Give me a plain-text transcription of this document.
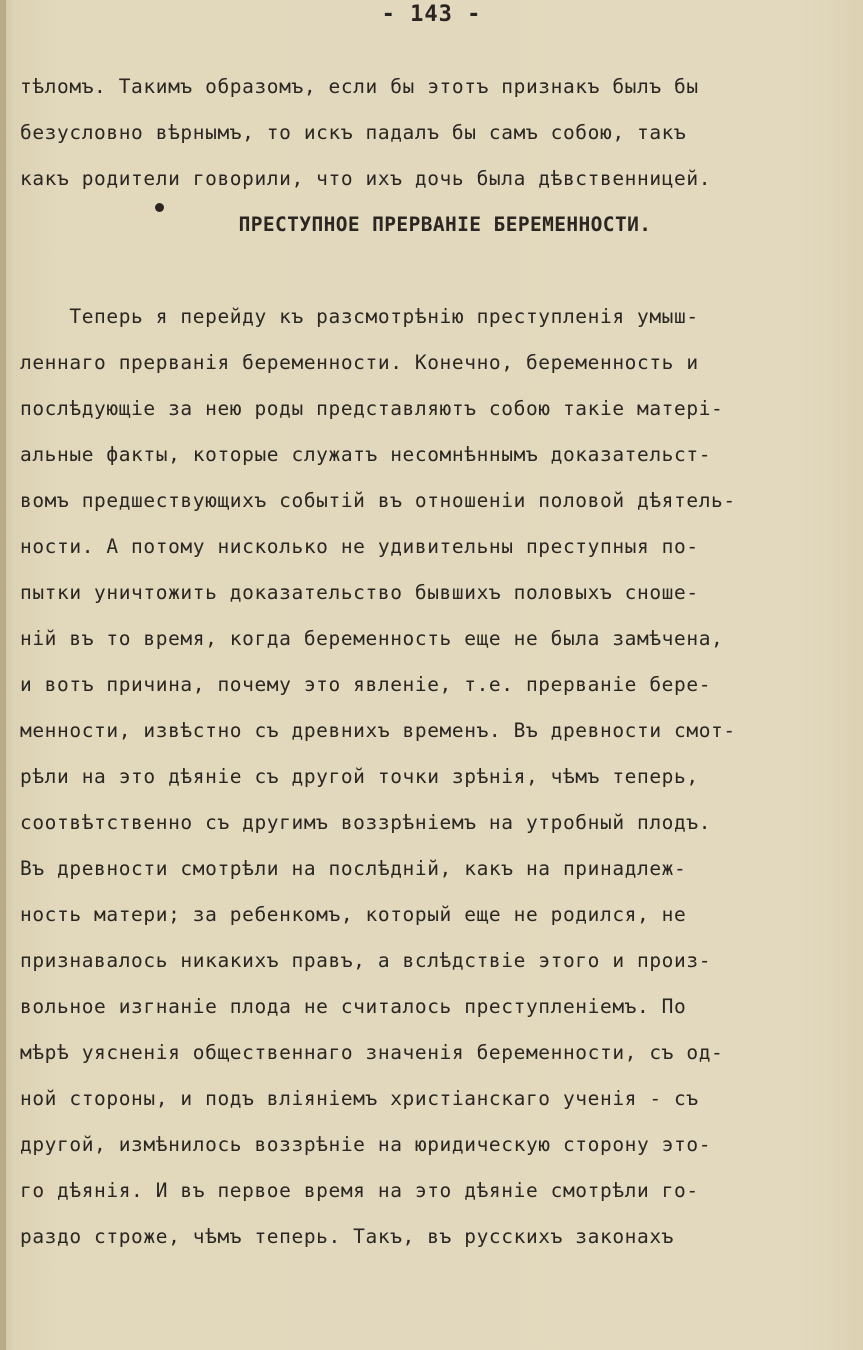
- 143 -
тѣломъ. Такимъ образомъ, если бы этотъ признакъ былъ бы
безусловно вѣрнымъ, то искъ падалъ бы самъ собою, такъ
какъ родители говорили, что ихъ дочь была дѣвственницей.
ПРЕСТУПНОЕ ПРЕРВАНІЕ БЕРЕМЕННОСТИ.
Теперь я перейду къ разсмотрѣнію преступленія умыш-
леннаго прерванія беременности. Конечно, беременность и
послѣдующіе за нею роды представляютъ собою такіе матері-
альные факты, которые служатъ несомнѣннымъ доказательст-
вомъ предшествующихъ событій въ отношеніи половой дѣятель-
ности. А потому нисколько не удивительны преступныя по-
пытки уничтожить доказательство бывшихъ половыхъ сноше-
ній въ то время, когда беременность еще не была замѣчена,
и вотъ причина, почему это явленіе, т.е. прерваніе бере-
менности, извѣстно съ древнихъ временъ. Въ древности смот-
рѣли на это дѣяніе съ другой точки зрѣнія, чѣмъ теперь,
соотвѣтственно съ другимъ воззрѣніемъ на утробный плодъ.
Въ древности смотрѣли на послѣдній, какъ на принадлеж-
ность матери; за ребенкомъ, который еще не родился, не
признавалось никакихъ правъ, а вслѣдствіе этого и произ-
вольное изгнаніе плода не считалось преступленіемъ. По
мѣрѣ уясненія общественнаго значенія беременности, съ од-
ной стороны, и подъ вліяніемъ христіанскаго ученія - съ
другой, измѣнилось воззрѣніе на юридическую сторону это-
го дѣянія. И въ первое время на это дѣяніе смотрѣли го-
раздо строже, чѣмъ теперь. Такъ, въ русскихъ законахъ
